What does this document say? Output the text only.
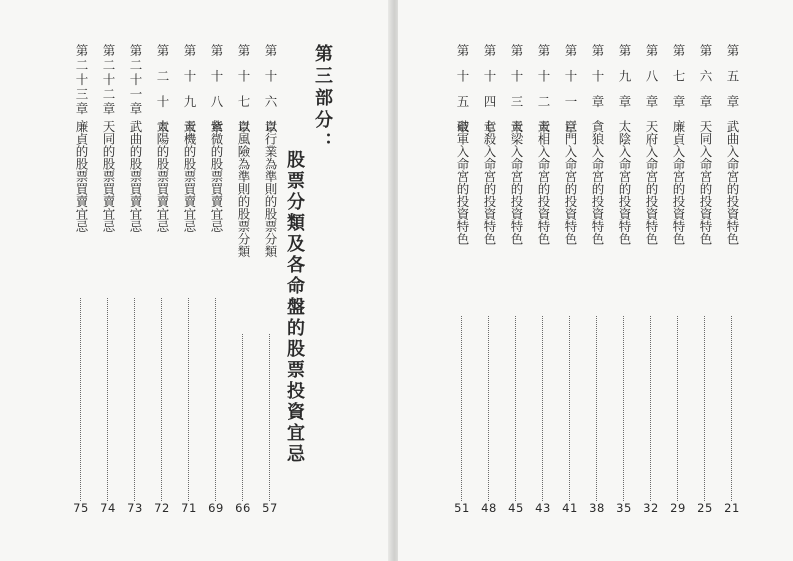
第三部分：
股票分類及各命盤的股票投資宜忌
第十六章
以行業為準則的股票分類
57
第十七章
以風險為準則的股票分類
66
第十八章
紫微的股票買賣宜忌
69
第十九章
天機的股票買賣宜忌
71
第二十章
太陽的股票買賣宜忌
72
第二十一章
武曲的股票買賣宜忌
73
第二十二章
天同的股票買賣宜忌
74
第二十三章
廉貞的股票買賣宜忌
75
第五章
武曲入命宮的投資特色
21
第六章
天同入命宮的投資特色
25
第七章
廉貞入命宮的投資特色
29
第八章
天府入命宮的投資特色
32
第九章
太陰入命宮的投資特色
35
第十章
貪狼入命宮的投資特色
38
第十一章
巨門入命宮的投資特色
41
第十二章
天相入命宮的投資特色
43
第十三章
天梁入命宮的投資特色
45
第十四章
七殺入命宮的投資特色
48
第十五章
破軍入命宮的投資特色
51
